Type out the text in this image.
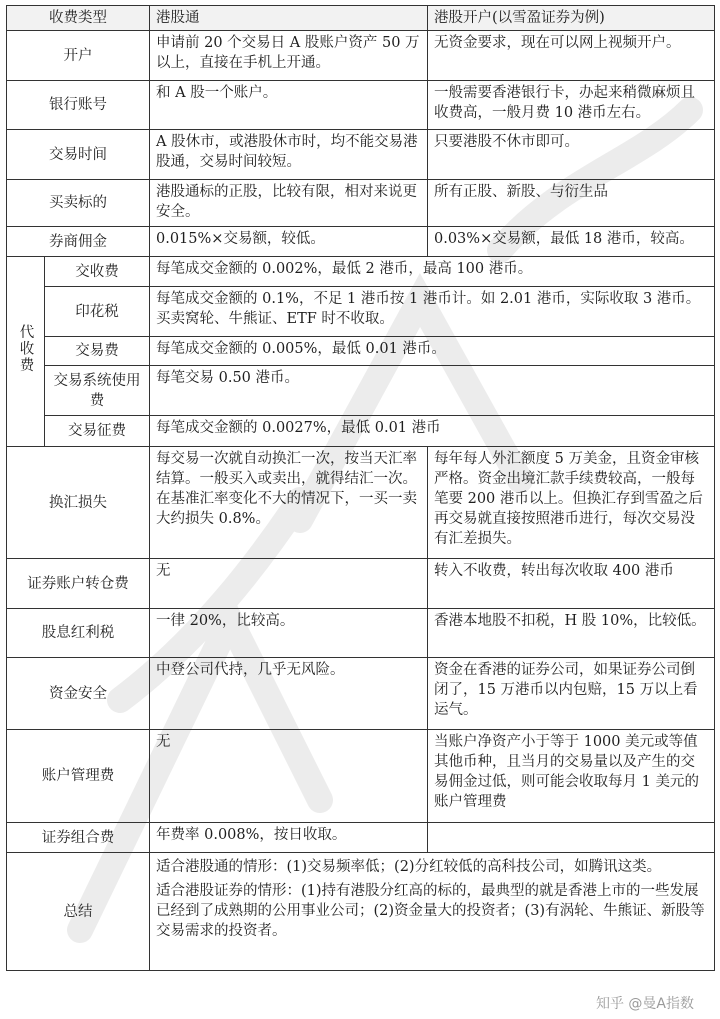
收费类型		港股通	港股开户(以雪盈证券为例)
开户		申请前 20 个交易日 A 股账户资产 50 万以上，直接在手机上开通。	无资金要求，现在可以网上视频开户。
银行账号		和 A 股一个账户。	一般需要香港银行卡，办起来稍微麻烦且收费高，一般月费 10 港币左右。
交易时间		A 股休市，或港股休市时，均不能交易港股通，交易时间较短。	只要港股不休市即可。
买卖标的		港股通标的正股，比较有限，相对来说更安全。	所有正股、新股、与衍生品
券商佣金		0.015%×交易额，较低。	0.03%×交易额，最低 18 港币，较高。
代收费	交收费	每笔成交金额的 0.002%，最低 2 港币，最高 100 港币。	
	印花税	每笔成交金额的 0.1%，不足 1 港币按 1 港币计。如 2.01 港币，实际收取 3 港币。买卖窝轮、牛熊证、ETF 时不收取。	
	交易费	每笔成交金额的 0.005%，最低 0.01 港币。	
	交易系统使用费	每笔交易 0.50 港币。	
	交易征费	每笔成交金额的 0.0027%，最低 0.01 港币	
换汇损失		每交易一次就自动换汇一次，按当天汇率结算。一般买入或卖出，就得结汇一次。在基准汇率变化不大的情况下，一买一卖大约损失 0.8%。	每年每人外汇额度 5 万美金，且资金审核严格。资金出境汇款手续费较高，一般每笔要 200 港币以上。但换汇存到雪盈之后再交易就直接按照港币进行，每次交易没有汇差损失。
证券账户转仓费		无	转入不收费，转出每次收取 400 港币
股息红利税		一律 20%，比较高。	香港本地股不扣税，H 股 10%，比较低。
资金安全		中登公司代持，几乎无风险。	资金在香港的证券公司，如果证券公司倒闭了，15 万港币以内包赔，15 万以上看运气。
账户管理费		无	当账户净资产小于等于 1000 美元或等值其他币种，且当月的交易量以及产生的交易佣金过低，则可能会收取每月 1 美元的账户管理费
证券组合费		年费率 0.008%，按日收取。	
总结		适合港股通的情形：(1)交易频率低；(2)分红较低的高科技公司，如腾讯这类。

适合港股证券的情形：(1)持有港股分红高的标的，最典型的就是香港上市的一些发展已经到了成熟期的公用事业公司；(2)资金量大的投资者；(3)有涡轮、牛熊证、新股等交易需求的投资者。	

知乎 @曼A指数
